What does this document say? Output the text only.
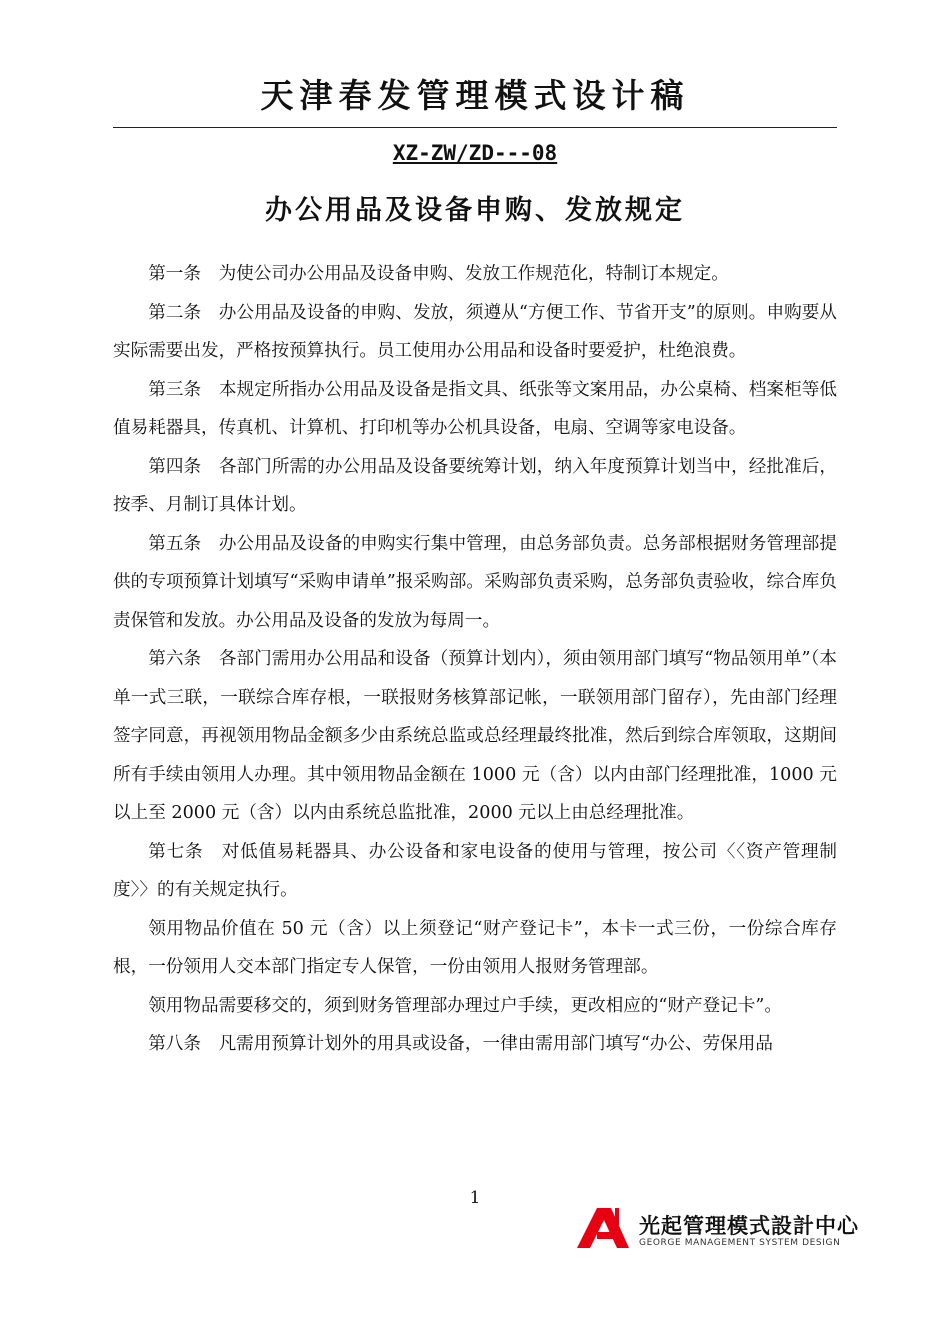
天津春发管理模式设计稿
XZ-ZW/ZD---08
办公用品及设备申购、发放规定

第一条　为使公司办公用品及设备申购、发放工作规范化，特制订本规定。

第二条　办公用品及设备的申购、发放，须遵从“方便工作、节省开支”的原则。申购要从实际需要出发，严格按预算执行。员工使用办公用品和设备时要爱护，杜绝浪费。

第三条　本规定所指办公用品及设备是指文具、纸张等文案用品，办公桌椅、档案柜等低值易耗器具，传真机、计算机、打印机等办公机具设备，电扇、空调等家电设备。

第四条　各部门所需的办公用品及设备要统筹计划，纳入年度预算计划当中，经批准后，按季、月制订具体计划。

第五条　办公用品及设备的申购实行集中管理，由总务部负责。总务部根据财务管理部提供的专项预算计划填写“采购申请单”报采购部。采购部负责采购，总务部负责验收，综合库负责保管和发放。办公用品及设备的发放为每周一。

第六条　各部门需用办公用品和设备（预算计划内），须由领用部门填写“物品领用单”（本单一式三联，一联综合库存根，一联报财务核算部记帐，一联领用部门留存），先由部门经理签字同意，再视领用物品金额多少由系统总监或总经理最终批准，然后到综合库领取，这期间所有手续由领用人办理。其中领用物品金额在 1000 元（含）以内由部门经理批准，1000 元以上至 2000 元（含）以内由系统总监批准，2000 元以上由总经理批准。

第七条　对低值易耗器具、办公设备和家电设备的使用与管理，按公司〈〈资产管理制度〉〉的有关规定执行。

领用物品价值在 50 元（含）以上须登记“财产登记卡”，本卡一式三份，一份综合库存根，一份领用人交本部门指定专人保管，一份由领用人报财务管理部。

领用物品需要移交的，须到财务管理部办理过户手续，更改相应的“财产登记卡”。

第八条　凡需用预算计划外的用具或设备，一律由需用部门填写“办公、劳保用品

1
光起管理模式設計中心
GEORGE MANAGEMENT SYSTEM DESIGN
